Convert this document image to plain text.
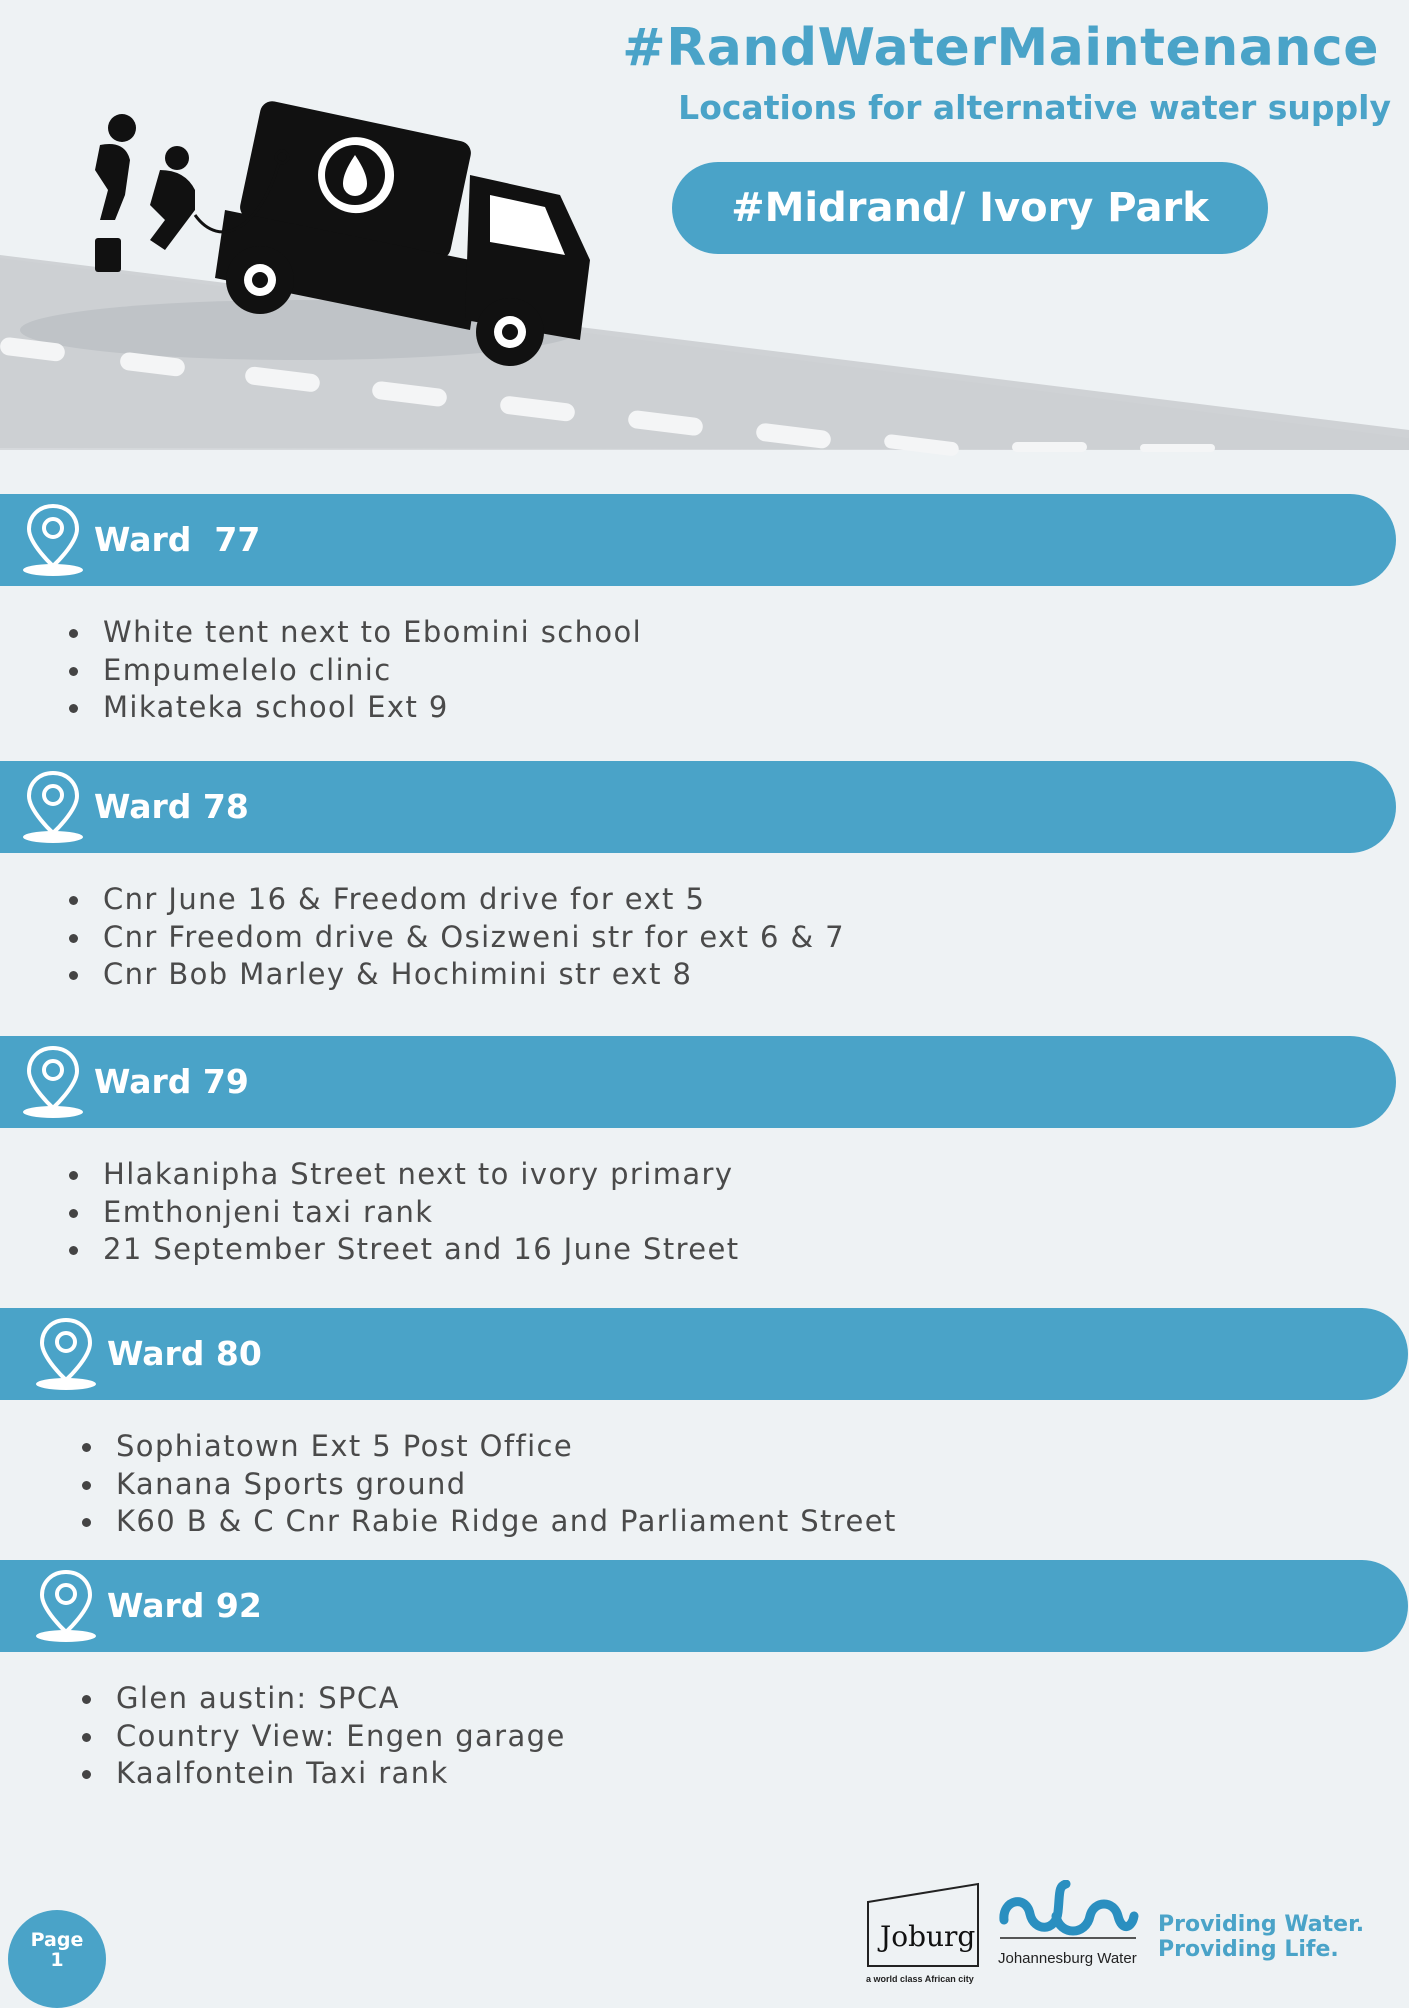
#RandWaterMaintenance
Locations for alternative water supply
#Midrand/ Ivory Park
Ward  77
White tent next to Ebomini school
Empumelelo clinic
Mikateka school Ext 9
Ward 78
Cnr June 16 & Freedom drive for ext 5
Cnr Freedom drive & Osizweni str for ext 6 & 7
Cnr Bob Marley & Hochimini str ext 8
Ward 79
Hlakanipha Street next to ivory primary
Emthonjeni taxi rank
21 September Street and 16 June Street
Ward 80
Sophiatown Ext 5 Post Office
Kanana Sports ground
K60 B & C Cnr Rabie Ridge and Parliament Street
Ward 92
Glen austin: SPCA
Country View: Engen garage
Kaalfontein Taxi rank
Page
1
Joburg
a world class African city
Johannesburg Water
Providing Water.
Providing Life.
